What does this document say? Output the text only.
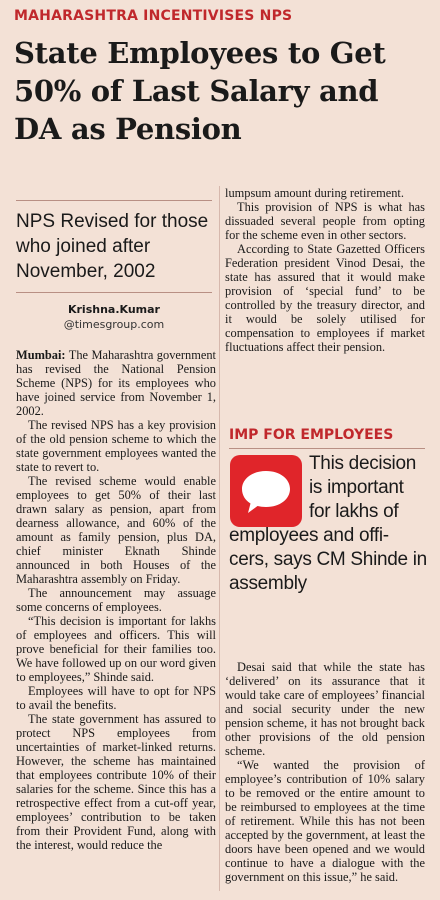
MAHARASHTRA INCENTIVISES NPS
State Employees to Get
50% of Last Salary and
DA as Pension
NPS Revised for those who joined after November, 2002
Krishna.Kumar
@timesgroup.com

Mumbai: The Maharashtra government has revised the National Pension Scheme (NPS) for its employees who have joined service from November 1, 2002.

The revised NPS has a key provision of the old pension scheme to which the state government employees wanted the state to revert to.

The revised scheme would enable employees to get 50% of their last drawn salary as pension, apart from dearness allowance, and 60% of the amount as family pension, plus DA, chief minister Eknath Shinde announced in both Houses of the Maharashtra assembly on Friday.

The announcement may assuage some concerns of employees.

“This decision is important for lakhs of employees and officers. This will prove beneficial for their families too. We have followed up on our word given to employees,” Shinde said.

Employees will have to opt for NPS to avail the benefits.

The state government has assured to protect NPS employees from uncertainties of market-linked returns. However, the scheme has maintained that employees contribute 10% of their salaries for the scheme. Since this has a retrospective effect from a cut-off year, employees’ contribution to be taken from their Provident Fund, along with the interest, would reduce the

lumpsum amount during retirement.

This provision of NPS is what has dissuaded several people from opting for the scheme even in other sectors.

According to State Gazetted Officers Federation president Vinod Desai, the state has assured that it would make provision of ‘special fund’ to be controlled by the treasury director, and it would be solely utilised for compensation to employees if market fluctuations affect their pension.

IMP FOR EMPLOYEES
This decision
is important
for lakhs of
employees and offi-
cers, says CM Shinde in
assembly

Desai said that while the state has ‘delivered’ on its assurance that it would take care of employees’ financial and social security under the new pension scheme, it has not brought back other provisions of the old pension scheme.

“We wanted the provision of employee’s contribution of 10% salary to be removed or the entire amount to be reimbursed to employees at the time of retirement. While this has not been accepted by the government, at least the doors have been opened and we would continue to have a dialogue with the government on this issue,” he said.
